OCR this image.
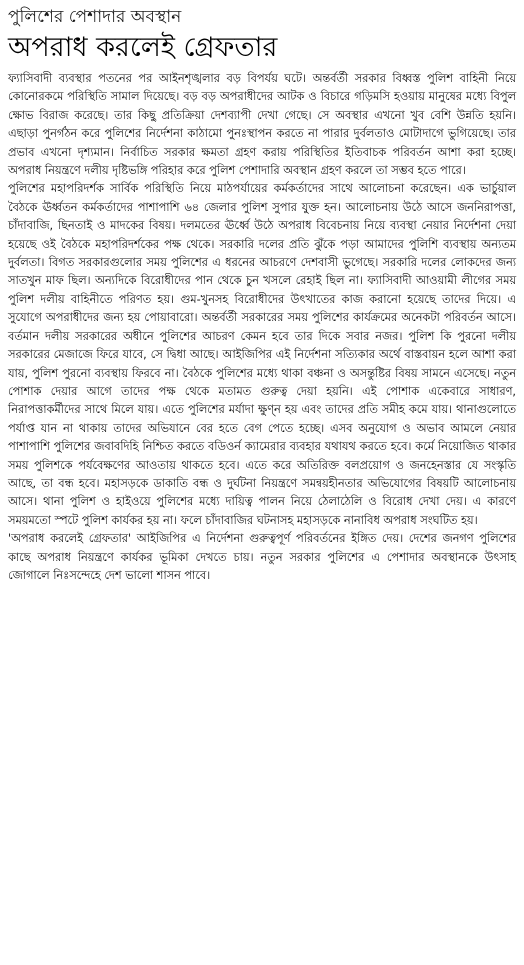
পুলিশের পেশাদার অবস্থান
অপরাধ করলেই গ্রেফতার

ফ্যাসিবাদী ব্যবস্থার পতনের পর আইনশৃঙ্খলার বড় বিপর্যয় ঘটে। অন্তর্বর্তী সরকার বিধ্বস্ত পুলিশ বাহিনী নিয়ে কোনোরকমে পরিস্থিতি সামাল দিয়েছে। বড় বড় অপরাধীদের আটক ও বিচারে গড়িমসি হওয়ায় মানুষের মধ্যে বিপুল ক্ষোভ বিরাজ করেছে। তার কিছু প্রতিক্রিয়া দেশব্যাপী দেখা গেছে। সে অবস্থার এখনো খুব বেশি উন্নতি হয়নি। এছাড়া পুনর্গঠন করে পুলিশের নির্দেশনা কাঠামো পুনঃস্থাপন করতে না পারার দুর্বলতাও মোটাদাগে ভুগিয়েছে। তার প্রভাব এখনো দৃশ্যমান। নির্বাচিত সরকার ক্ষমতা গ্রহণ করায় পরিস্থিতির ইতিবাচক পরিবর্তন আশা করা হচ্ছে। অপরাধ নিয়ন্ত্রণে দলীয় দৃষ্টিভঙ্গি পরিহার করে পুলিশ পেশাদারি অবস্থান গ্রহণ করলে তা সম্ভব হতে পারে।

পুলিশের মহাপরিদর্শক সার্বিক পরিস্থিতি নিয়ে মাঠপর্যায়ের কর্মকর্তাদের সাথে আলোচনা করেছেন। এক ভার্চুয়াল বৈঠকে ঊর্ধ্বতন কর্মকর্তাদের পাশাপাশি ৬৪ জেলার পুলিশ সুপার যুক্ত হন। আলোচনায় উঠে আসে জননিরাপত্তা, চাঁদাবাজি, ছিনতাই ও মাদকের বিষয়। দলমতের ঊর্ধ্বে উঠে অপরাধ বিবেচনায় নিয়ে ব্যবস্থা নেয়ার নির্দেশনা দেয়া হয়েছে ওই বৈঠকে মহাপরিদর্শকের পক্ষ থেকে। সরকারি দলের প্রতি ঝুঁকে পড়া আমাদের পুলিশি ব্যবস্থায় অন্যতম দুর্বলতা। বিগত সরকারগুলোর সময় পুলিশের এ ধরনের আচরণে দেশবাসী ভুগেছে। সরকারি দলের লোকদের জন্য সাতখুন মাফ ছিল। অন্যদিকে বিরোধীদের পান থেকে চুন খসলে রেহাই ছিল না। ফ্যাসিবাদী আওয়ামী লীগের সময় পুলিশ দলীয় বাহিনীতে পরিণত হয়। গুম-খুনসহ বিরোধীদের উৎখাতের কাজ করানো হয়েছে তাদের দিয়ে। এ সুযোগে অপরাধীদের জন্য হয় পোয়াবারো। অন্তর্বর্তী সরকারের সময় পুলিশের কার্যক্রমের অনেকটা পরিবর্তন আসে। বর্তমান দলীয় সরকারের অধীনে পুলিশের আচরণ কেমন হবে তার দিকে সবার নজর। পুলিশ কি পুরনো দলীয় সরকারের মেজাজে ফিরে যাবে, সে দ্বিধা আছে। আইজিপির এই নির্দেশনা সত্যিকার অর্থে বাস্তবায়ন হলে আশা করা যায়, পুলিশ পুরনো ব্যবস্থায় ফিরবে না। বৈঠকে পুলিশের মধ্যে থাকা বঞ্চনা ও অসন্তুষ্টির বিষয় সামনে এসেছে। নতুন পোশাক দেয়ার আগে তাদের পক্ষ থেকে মতামত গুরুত্ব দেয়া হয়নি। এই পোশাক একেবারে সাধারণ, নিরাপত্তাকর্মীদের সাথে মিলে যায়। এতে পুলিশের মর্যাদা ক্ষুণ্ন হয় এবং তাদের প্রতি সমীহ কমে যায়। থানাগুলোতে পর্যাপ্ত যান না থাকায় তাদের অভিযানে বের হতে বেগ পেতে হচ্ছে। এসব অনুযোগ ও অভাব আমলে নেয়ার পাশাপাশি পুলিশের জবাবদিহি নিশ্চিত করতে বডিওর্ন ক্যামেরার ব্যবহার যথাযথ করতে হবে। কর্মে নিয়োজিত থাকার সময় পুলিশকে পর্যবেক্ষণের আওতায় থাকতে হবে। এতে করে অতিরিক্ত বলপ্রয়োগ ও জনহেনস্তার যে সংস্কৃতি আছে, তা বন্ধ হবে। মহাসড়কে ডাকাতি বন্ধ ও দুর্ঘটনা নিয়ন্ত্রণে সমন্বয়হীনতার অভিযোগের বিষয়টি আলোচনায় আসে। থানা পুলিশ ও হাইওয়ে পুলিশের মধ্যে দায়িত্ব পালন নিয়ে ঠেলাঠেলি ও বিরোধ দেখা দেয়। এ কারণে সময়মতো স্পটে পুলিশ কার্যকর হয় না। ফলে চাঁদাবাজির ঘটনাসহ মহাসড়কে নানাবিধ অপরাধ সংঘটিত হয়।

'অপরাধ করলেই গ্রেফতার' আইজিপির এ নির্দেশনা গুরুত্বপূর্ণ পরিবর্তনের ইঙ্গিত দেয়। দেশের জনগণ পুলিশের কাছে অপরাধ নিয়ন্ত্রণে কার্যকর ভূমিকা দেখতে চায়। নতুন সরকার পুলিশের এ পেশাদার অবস্থানকে উৎসাহ জোগালে নিঃসন্দেহে দেশ ভালো শাসন পাবে।
